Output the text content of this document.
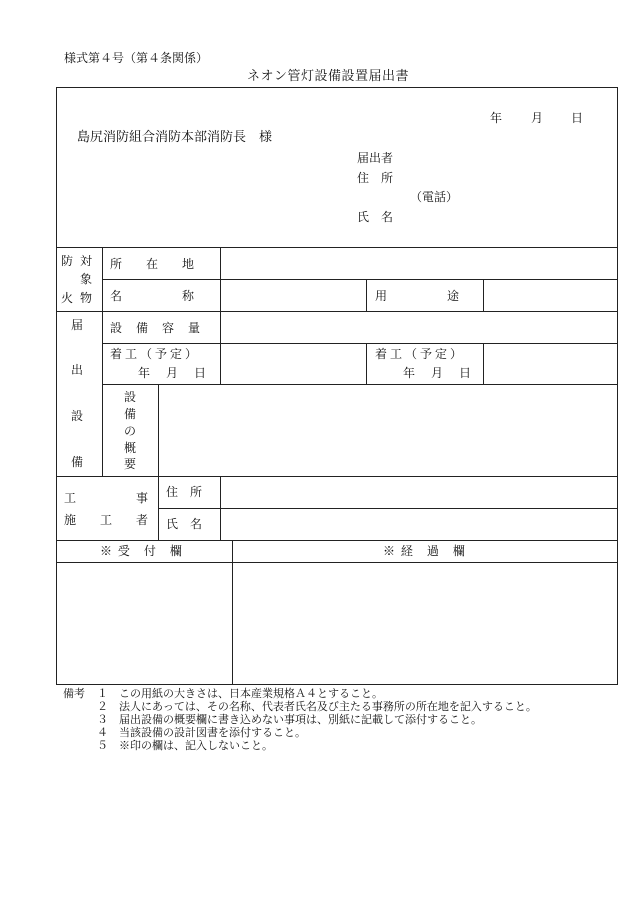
様式第４号（第４条関係）
ネオン管灯設備設置届出書
年 月 日
島尻消防組合消防本部消防長　様
届出者
住　所
（電話）
氏　名
防 対
象
火 物
所　　在　　地
名　　　　　称	用　　　　　途
届
出
設
備
設　備　容　量
着工（予定）
年　月　日
着工（予定）
年　月　日
設
備
の
概
要
工　　　　　事
施　　工　　者
住　所
氏　名
※ 受　付　欄	※ 経　過　欄
備考 １ この用紙の大きさは、日本産業規格Ａ４とすること。
２ 法人にあっては、その名称、代表者氏名及び主たる事務所の所在地を記入すること。
３ 届出設備の概要欄に書き込めない事項は、別紙に記載して添付すること。
４ 当該設備の設計図書を添付すること。
５ ※印の欄は、記入しないこと。
